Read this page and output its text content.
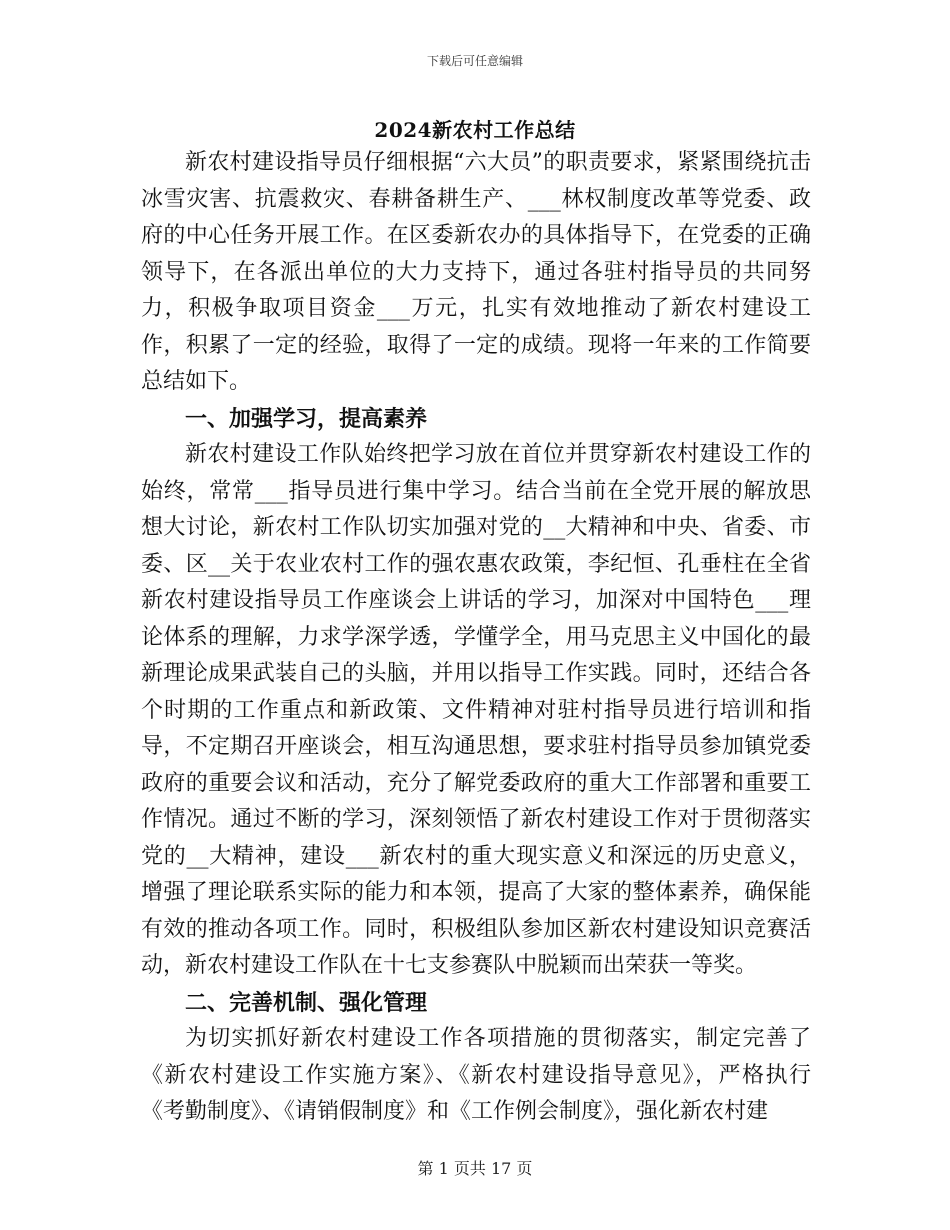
下载后可任意编辑
2024新农村工作总结

新农村建设指导员仔细根据“六大员”的职责要求，紧紧围绕抗击冰雪灾害、抗震救灾、春耕备耕生产、___林权制度改革等党委、政府的中心任务开展工作。在区委新农办的具体指导下，在党委的正确领导下，在各派出单位的大力支持下，通过各驻村指导员的共同努力，积极争取项目资金___万元，扎实有效地推动了新农村建设工作，积累了一定的经验，取得了一定的成绩。现将一年来的工作简要总结如下。

一、加强学习，提高素养

新农村建设工作队始终把学习放在首位并贯穿新农村建设工作的始终，常常___指导员进行集中学习。结合当前在全党开展的解放思想大讨论，新农村工作队切实加强对党的__大精神和中央、省委、市委、区__关于农业农村工作的强农惠农政策，李纪恒、孔垂柱在全省新农村建设指导员工作座谈会上讲话的学习，加深对中国特色___理论体系的理解，力求学深学透，学懂学全，用马克思主义中国化的最新理论成果武装自己的头脑，并用以指导工作实践。同时，还结合各个时期的工作重点和新政策、文件精神对驻村指导员进行培训和指导，不定期召开座谈会，相互沟通思想，要求驻村指导员参加镇党委政府的重要会议和活动，充分了解党委政府的重大工作部署和重要工作情况。通过不断的学习，深刻领悟了新农村建设工作对于贯彻落实党的__大精神，建设___新农村的重大现实意义和深远的历史意义，增强了理论联系实际的能力和本领，提高了大家的整体素养，确保能有效的推动各项工作。同时，积极组队参加区新农村建设知识竞赛活动，新农村建设工作队在十七支参赛队中脱颖而出荣获一等奖。

二、完善机制、强化管理

为切实抓好新农村建设工作各项措施的贯彻落实，制定完善了《新农村建设工作实施方案》、《新农村建设指导意见》，严格执行《考勤制度》、《请销假制度》和《工作例会制度》，强化新农村建

第 1 页共 17 页
